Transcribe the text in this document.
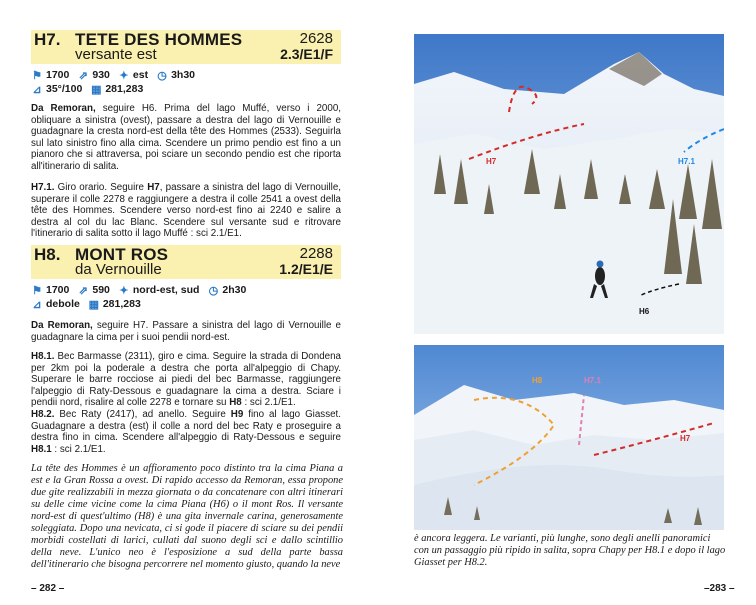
H7. TETE DES HOMMES
versante est
2628
2.3/E1/F
⚑ 1700 ⇗ 930 ✦ est ◷ 3h30
⊿ 35°/100 ▦ 281,283

Da Remoran, seguire H6. Prima del lago Muffé, verso i 2000, obliquare a sinistra (ovest), passare a destra del lago di Vernouille e guadagnare la cresta nord-est della tête des Hommes (2533). Seguirla sul lato sinistro fino alla cima. Scendere un primo pendio est fino a un pianoro che si attraversa, poi sciare un secondo pendio est che riporta all'itinerario di salita.

H7.1. Giro orario. Seguire H7, passare a sinistra del lago di Vernouille, superare il colle 2278 e raggiungere a destra il colle 2541 a ovest della tête des Hommes. Scendere verso nord-est fino ai 2240 e salire a destra al col du lac Blanc. Scendere sul versante sud e ritrovare l'itinerario di salita sotto il lago Muffé : sci 2.1/E1.

H8. MONT ROS
da Vernouille
2288
1.2/E1/E
⚑ 1700 ⇗ 590 ✦ nord-est, sud ◷ 2h30
⊿ debole ▦ 281,283

Da Remoran, seguire H7. Passare a sinistra del lago di Vernouille e guadagnare la cima per i suoi pendii nord-est.

H8.1. Bec Barmasse (2311), giro e cima. Seguire la strada di Dondena per 2km poi la poderale a destra che porta all'alpeggio di Chapy. Superare le barre rocciose ai piedi del bec Barmasse, raggiungere l'alpeggio di Raty-Dessous e guadagnare la cima a destra. Sciare i pendii nord, risalire al colle 2278 e tornare su H8 : sci 2.1/E1.

H8.2. Bec Raty (2417), ad anello. Seguire H9 fino al lago Giasset. Guadagnare a destra (est) il colle a nord del bec Raty e proseguire a destra fino in cima. Scendere all'alpeggio di Raty-Dessous e seguire H8.1 : sci 2.1/E1.

La tête des Hommes è un affioramento poco distinto tra la cima Piana a est e la Gran Rossa a ovest. Di rapido accesso da Remoran, essa propone due gite realizzabili in mezza giornata o da concatenare con altri itinerari su delle cime vicine come la cima Piana (H6) o il mont Ros. Il versante nord-est di quest'ultimo (H8) è una gita invernale carina, generosamente soleggiata. Dopo una nevicata, ci si gode il piacere di sciare su dei pendii morbidi costellati di larici, cullati dal suono degli sci e dallo scintillio della neve. L'unico neo è l'esposizione a sud della parte bassa dell'itinerario che bisogna percorrere nel momento giusto, quando la neve

– 282 –
H7	H7.1
H6
H8	H7.1
H7

è ancora leggera. Le varianti, più lunghe, sono degli anelli panoramici con un passaggio più ripido in salita, sopra Chapy per H8.1 e dopo il lago Giasset per H8.2.

–283 –
